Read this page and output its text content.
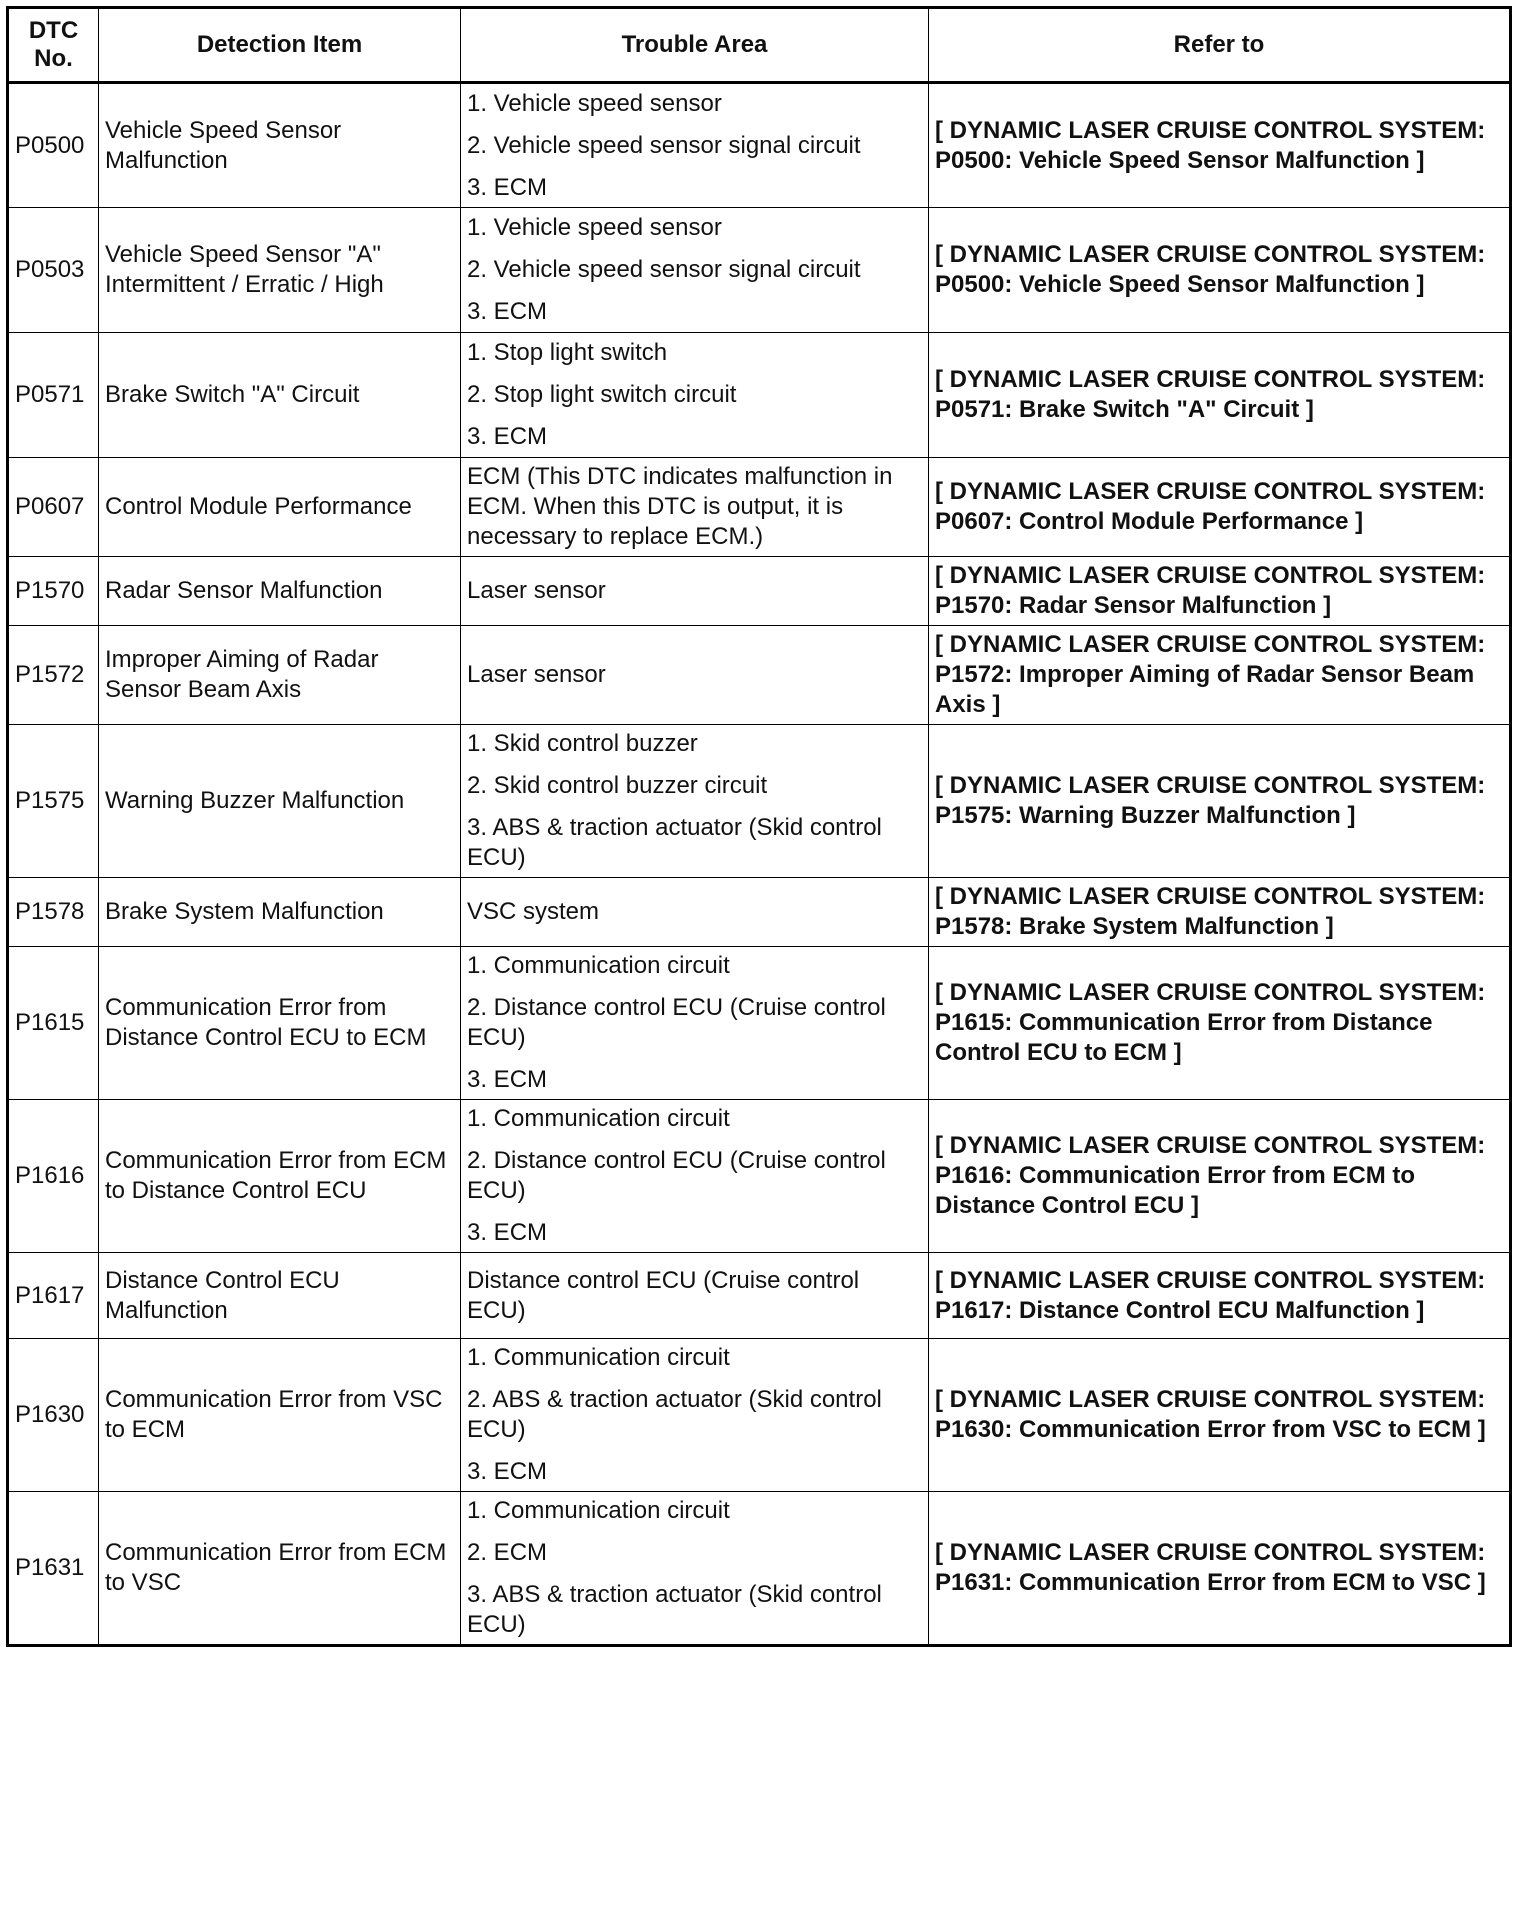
DTC No.	Detection Item	Trouble Area	Refer to
P0500	Vehicle Speed Sensor Malfunction	1. Vehicle speed sensor
2. Vehicle speed sensor signal circuit
3. ECM	[ DYNAMIC LASER CRUISE CONTROL SYSTEM: P0500: Vehicle Speed Sensor Malfunction ]
P0503	Vehicle Speed Sensor "A" Intermittent / Erratic / High	1. Vehicle speed sensor
2. Vehicle speed sensor signal circuit
3. ECM	[ DYNAMIC LASER CRUISE CONTROL SYSTEM: P0500: Vehicle Speed Sensor Malfunction ]
P0571	Brake Switch "A" Circuit	1. Stop light switch
2. Stop light switch circuit
3. ECM	[ DYNAMIC LASER CRUISE CONTROL SYSTEM: P0571: Brake Switch "A" Circuit ]
P0607	Control Module Performance	ECM (This DTC indicates malfunction in ECM. When this DTC is output, it is necessary to replace ECM.)	[ DYNAMIC LASER CRUISE CONTROL SYSTEM: P0607: Control Module Performance ]
P1570	Radar Sensor Malfunction	Laser sensor	[ DYNAMIC LASER CRUISE CONTROL SYSTEM: P1570: Radar Sensor Malfunction ]
P1572	Improper Aiming of Radar Sensor Beam Axis	Laser sensor	[ DYNAMIC LASER CRUISE CONTROL SYSTEM: P1572: Improper Aiming of Radar Sensor Beam Axis ]
P1575	Warning Buzzer Malfunction	1. Skid control buzzer
2. Skid control buzzer circuit
3. ABS & traction actuator (Skid control ECU)	[ DYNAMIC LASER CRUISE CONTROL SYSTEM: P1575: Warning Buzzer Malfunction ]
P1578	Brake System Malfunction	VSC system	[ DYNAMIC LASER CRUISE CONTROL SYSTEM: P1578: Brake System Malfunction ]
P1615	Communication Error from Distance Control ECU to ECM	1. Communication circuit
2. Distance control ECU (Cruise control ECU)
3. ECM	[ DYNAMIC LASER CRUISE CONTROL SYSTEM: P1615: Communication Error from Distance Control ECU to ECM ]
P1616	Communication Error from ECM to Distance Control ECU	1. Communication circuit
2. Distance control ECU (Cruise control ECU)
3. ECM	[ DYNAMIC LASER CRUISE CONTROL SYSTEM: P1616: Communication Error from ECM to Distance Control ECU ]
P1617	Distance Control ECU Malfunction	Distance control ECU (Cruise control ECU)	[ DYNAMIC LASER CRUISE CONTROL SYSTEM: P1617: Distance Control ECU Malfunction ]
P1630	Communication Error from VSC to ECM	1. Communication circuit
2. ABS & traction actuator (Skid control ECU)
3. ECM	[ DYNAMIC LASER CRUISE CONTROL SYSTEM: P1630: Communication Error from VSC to ECM ]
P1631	Communication Error from ECM to VSC	1. Communication circuit
2. ECM
3. ABS & traction actuator (Skid control ECU)	[ DYNAMIC LASER CRUISE CONTROL SYSTEM: P1631: Communication Error from ECM to VSC ]
